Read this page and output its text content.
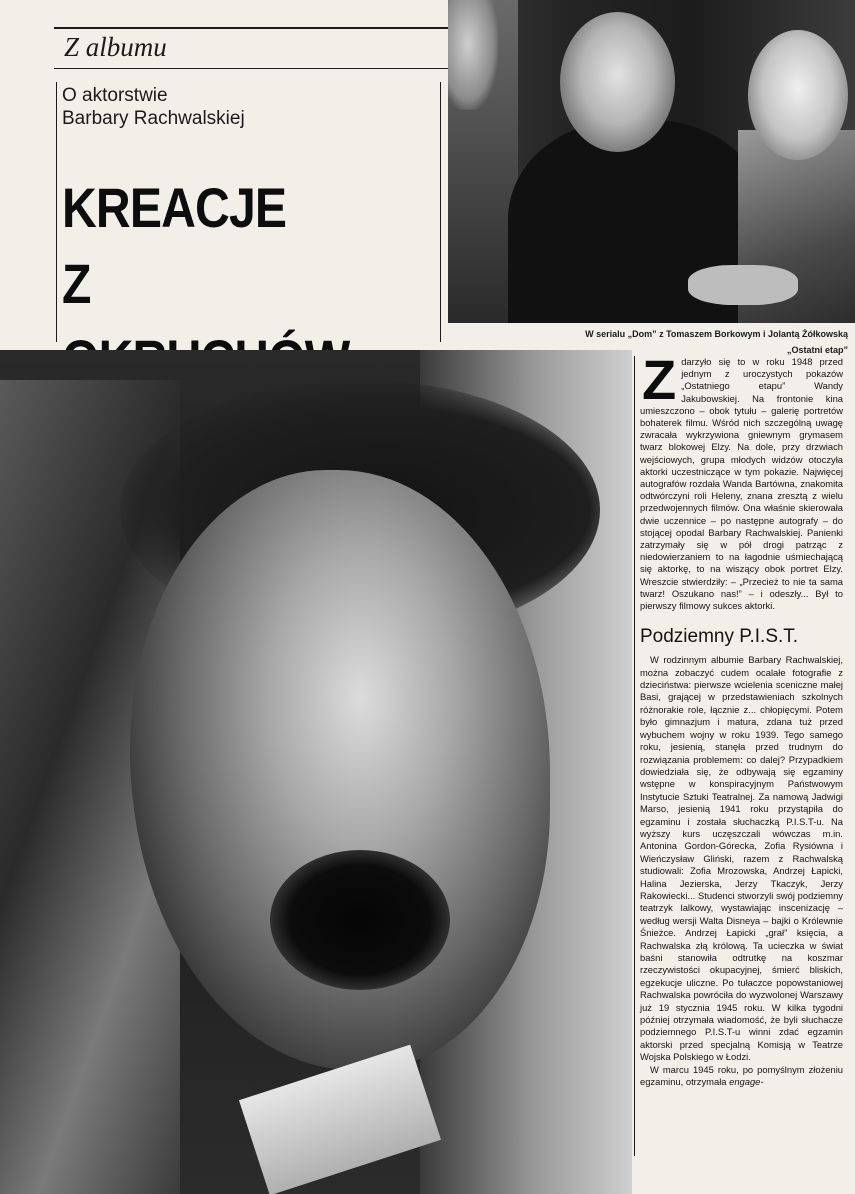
Z albumu
O aktorstwie
Barbary Rachwalskiej
KREACJE
Z
W serialu „Dom” z Tomaszem Borkowym i Jolantą Żółkowską
„Ostatni etap”

Zdarzyło się to w roku 1948 przed jednym z uroczystych pokazów „Ostatniego etapu” Wandy Jakubowskiej. Na frontonie kina umieszczono – obok tytułu – galerię portretów bohaterek filmu. Wśród nich szczególną uwagę zwracała wykrzywiona gniewnym grymasem twarz blokowej Elzy. Na dole, przy drzwiach wejściowych, grupa młodych widzów otoczyła aktorki uczestniczące w tym pokazie. Najwięcej autografów rozdała Wanda Bartówna, znakomita odtwórczyni roli Heleny, znana zresztą z wielu przedwojennych filmów. Ona właśnie skierowała dwie uczennice – po następne autografy – do stojącej opodal Barbary Rachwalskiej. Panienki zatrzymały się w pół drogi patrząc z niedowierzaniem to na łagodnie uśmiechającą się aktorkę, to na wiszący obok portret Elzy. Wreszcie stwierdziły: – „Przecież to nie ta sama twarz! Oszukano nas!” – i odeszły... Był to pierwszy filmowy sukces aktorki.

Podziemny P.I.S.T.

W rodzinnym albumie Barbary Rachwalskiej, można zobaczyć cudem ocalałe fotografie z dzieciństwa: pierwsze wcielenia sceniczne małej Basi, grającej w przedstawieniach szkolnych różnorakie role, łącznie z... chłopięcymi. Potem było gimnazjum i matura, zdana tuż przed wybuchem wojny w roku 1939. Tego samego roku, jesienią, stanęła przed trudnym do rozwiązania problemem: co dalej? Przypadkiem dowiedziała się, że odbywają się egzaminy wstępne w konspiracyjnym Państwowym Instytucie Sztuki Teatralnej. Za namową Jadwigi Marso, jesienią 1941 roku przystąpiła do egzaminu i została słuchaczką P.I.S.T-u. Na wyższy kurs uczęszczali wówczas m.in. Antonina Gordon-Górecka, Zofia Rysiówna i Wieńczysław Gliński, razem z Rachwalską studiowali: Zofia Mrozowska, Andrzej Łapicki, Halina Jezierska, Jerzy Tkaczyk, Jerzy Rakowiecki... Studenci stworzyli swój podziemny teatrzyk lalkowy, wystawiając inscenizację – według wersji Walta Disneya – bajki o Królewnie Śnieżce. Andrzej Łapicki „grał” księcia, a Rachwalska złą królową. Ta ucieczka w świat baśni stanowiła odtrutkę na koszmar rzeczywistości okupacyjnej, śmierć bliskich, egzekucje uliczne. Po tułaczce popowstaniowej Rachwalska powróciła do wyzwolonej Warszawy już 19 stycznia 1945 roku. W kilka tygodni później otrzymała wiadomość, że byli słuchacze podziemnego P.I.S.T-u winni zdać egzamin aktorski przed specjalną Komisją w Teatrze Wojska Polskiego w Łodzi.

W marcu 1945 roku, po pomyślnym złożeniu egzaminu, otrzymała engage-
